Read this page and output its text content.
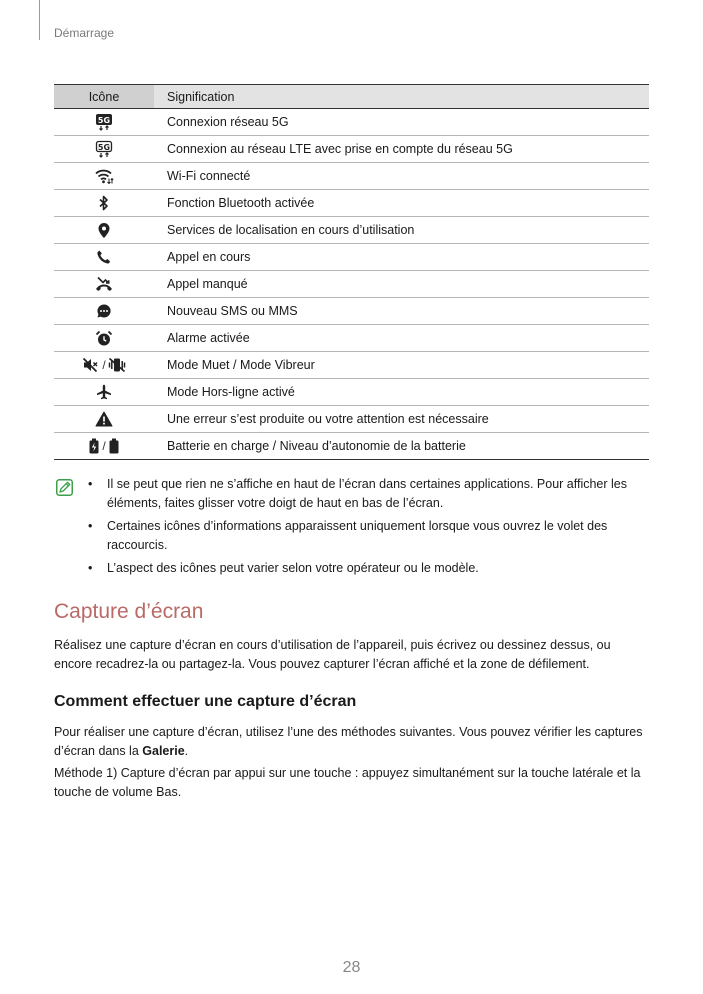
Démarrage
Icône	Signification

5G	Connexion réseau 5G

5G	Connexion au réseau LTE avec prise en compte du réseau 5G

	Wi-Fi connecté

	Fonction Bluetooth activée

	Services de localisation en cours d’utilisation

	Appel en cours

	Appel manqué

	Nouveau SMS ou MMS

	Alarme activée

/	Mode Muet / Mode Vibreur

	Mode Hors-ligne activé

	Une erreur s’est produite ou votre attention est nécessaire

/	Batterie en charge / Niveau d’autonomie de la batterie
• Il se peut que rien ne s’affiche en haut de l’écran dans certaines applications. Pour afficher les éléments, faites glisser votre doigt de haut en bas de l’écran.
• Certaines icônes d’informations apparaissent uniquement lorsque vous ouvrez le volet des raccourcis.
• L’aspect des icônes peut varier selon votre opérateur ou le modèle.
Capture d’écran

Réalisez une capture d’écran en cours d’utilisation de l’appareil, puis écrivez ou dessinez dessus, ou encore recadrez-la ou partagez-la. Vous pouvez capturer l’écran affiché et la zone de défilement.

Comment effectuer une capture d’écran

Pour réaliser une capture d’écran, utilisez l’une des méthodes suivantes. Vous pouvez vérifier les captures d’écran dans la Galerie.

Méthode 1) Capture d’écran par appui sur une touche : appuyez simultanément sur la touche latérale et la touche de volume Bas.

28
